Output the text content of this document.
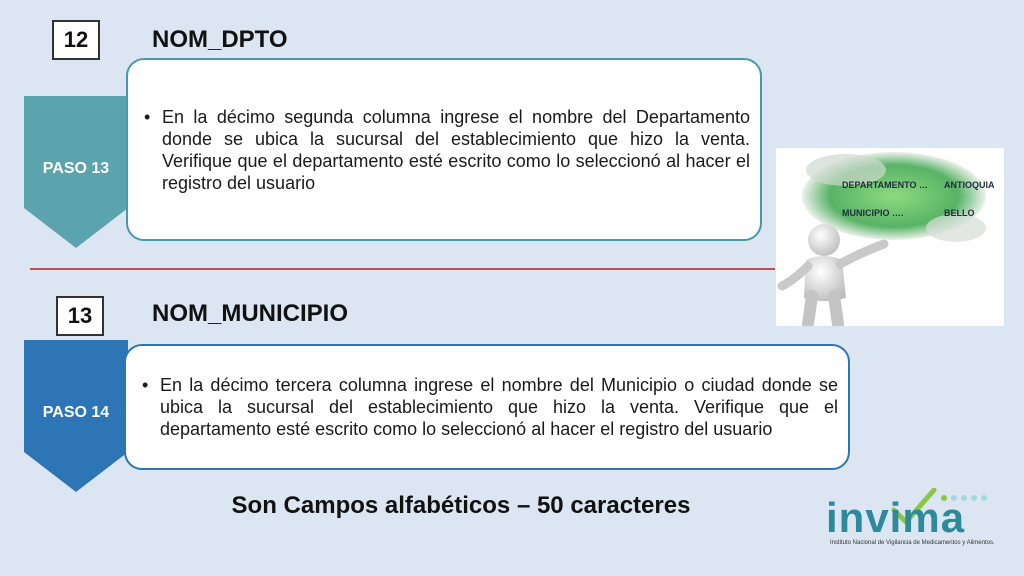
12	NOM_DPTO
PASO 13
• En la décimo segunda columna ingrese el nombre del Departamento donde se ubica la sucursal del establecimiento que hizo la venta. Verifique que el departamento esté escrito como lo seleccionó al hacer el registro del usuario	DEPARTAMENTO … ANTIOQUIA
MUNICIPIO ….	BELLO
13 NOM_MUNICIPIO
PASO 14
• En la décimo tercera columna ingrese el nombre del Municipio o ciudad donde se ubica la sucursal del establecimiento que hizo la venta. Verifique que el departamento esté escrito como lo seleccionó al hacer el registro del usuario
Son Campos alfabéticos – 50 caracteres	invima
Instituto Nacional de Vigilancia de Medicamentos y Alimentos.
